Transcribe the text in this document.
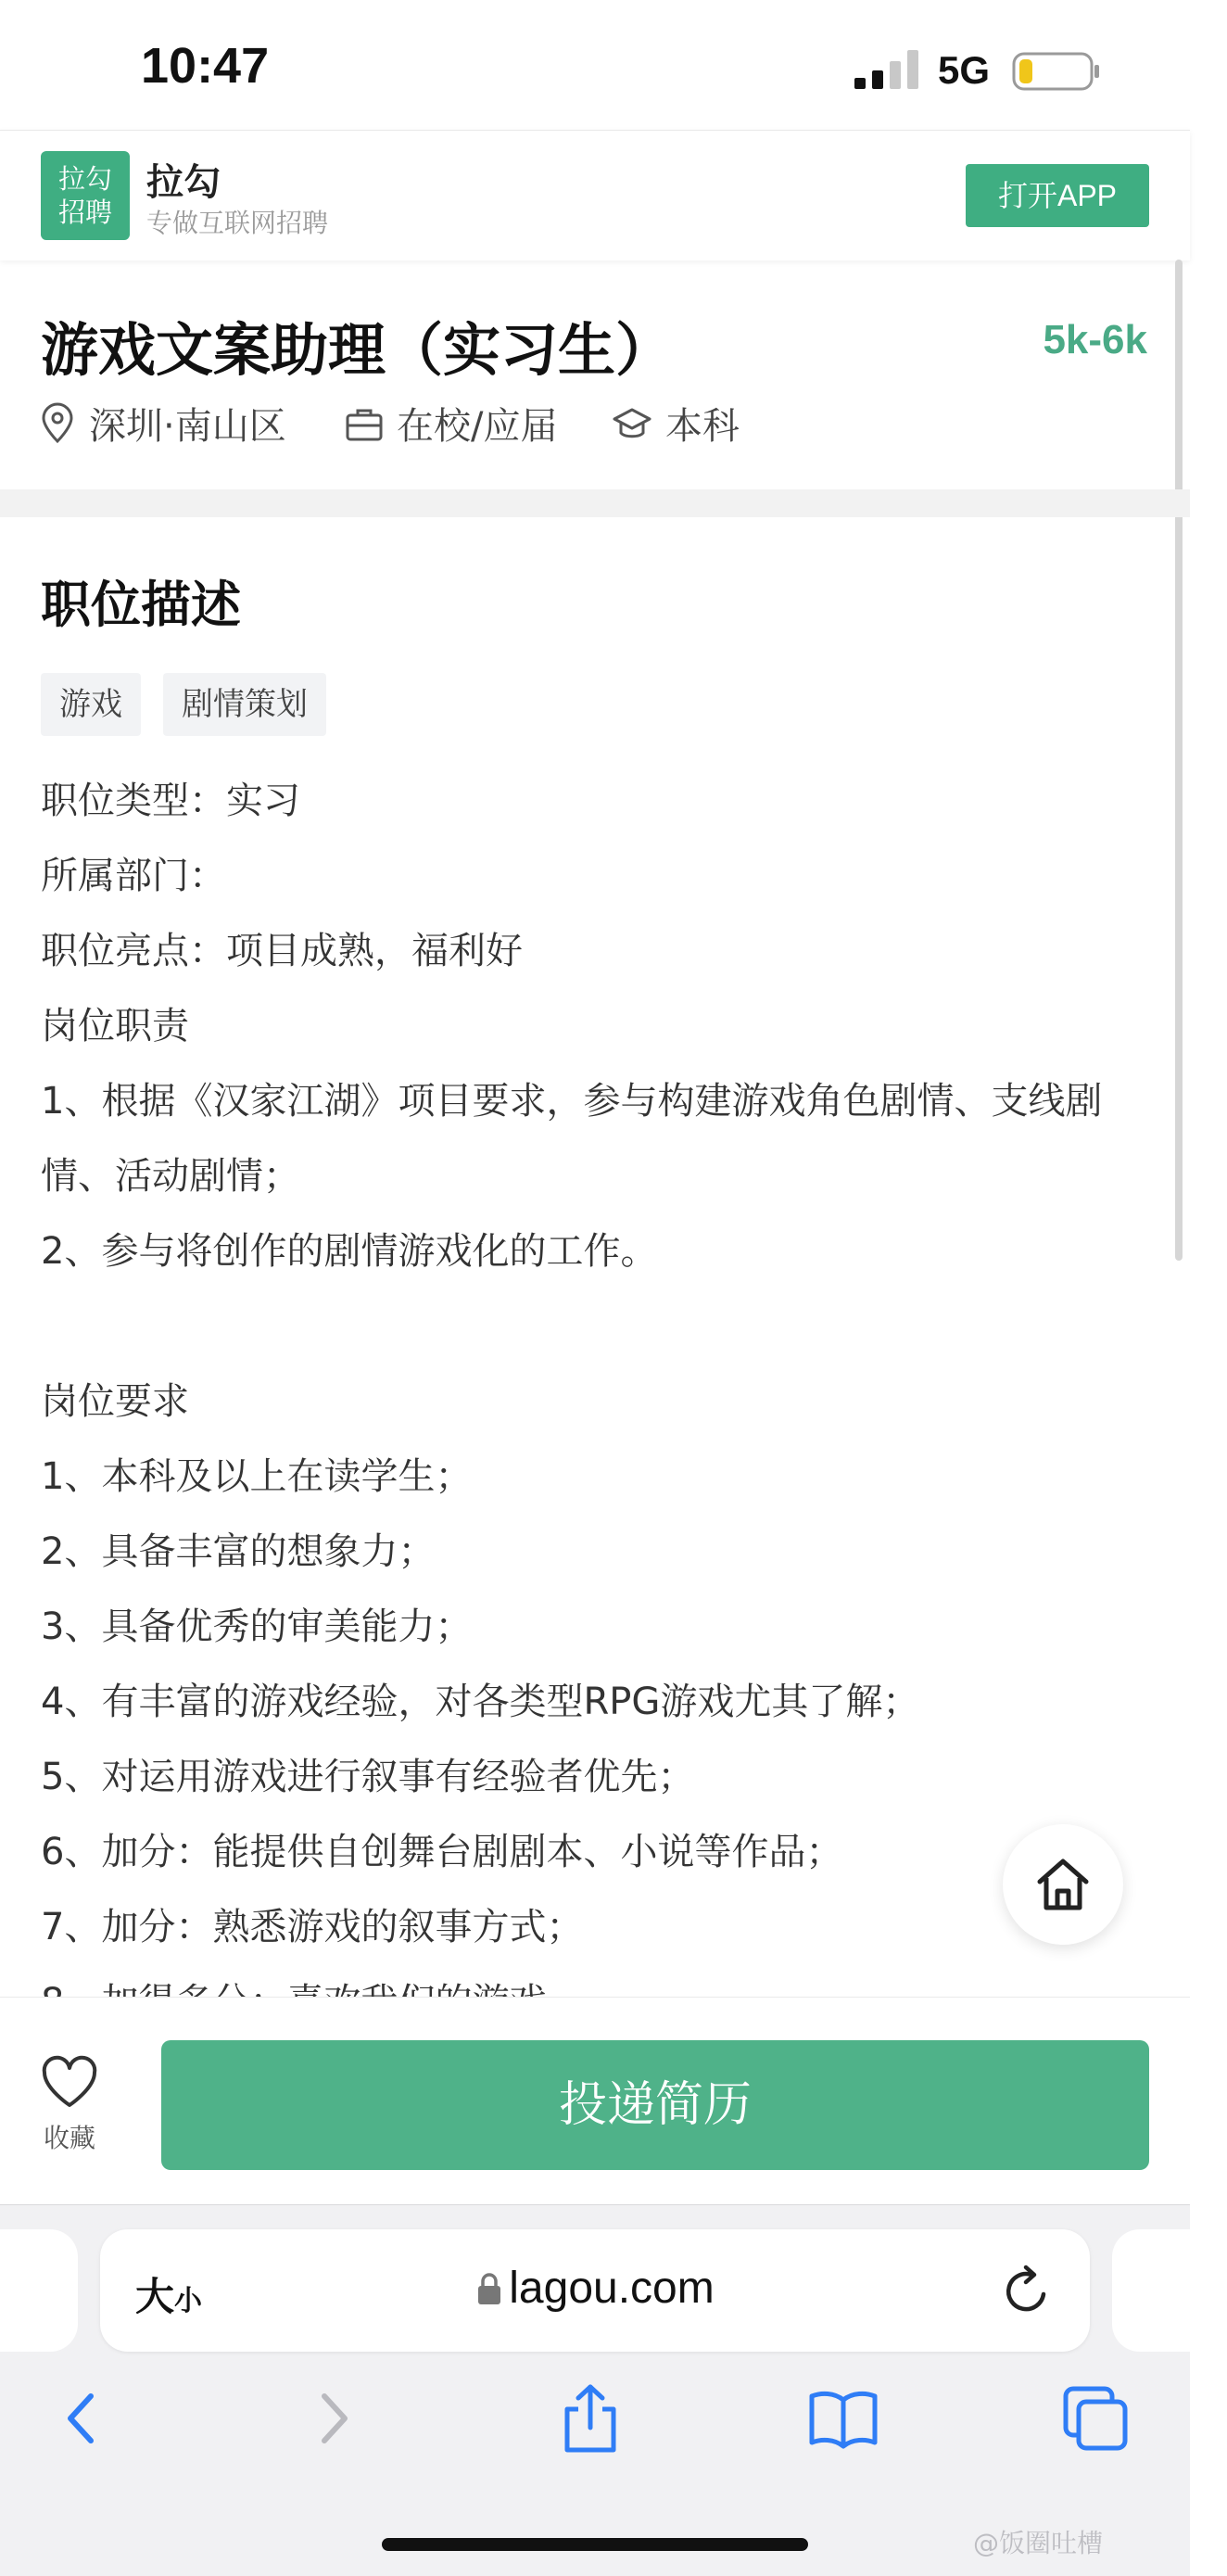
10:47	5G
拉勾
招聘
拉勾
专做互联网招聘
打开APP
游戏文案助理（实习生）	5k-6k
深圳·南山区	在校/应届	本科
职位描述
游戏	剧情策划
职位类型：实习
所属部门：
职位亮点：项目成熟，福利好
岗位职责
1、根据《汉家江湖》项目要求，参与构建游戏角色剧情、支线剧情、活动剧情；
2、参与将创作的剧情游戏化的工作。
岗位要求
1、本科及以上在读学生；
2、具备丰富的想象力；
3、具备优秀的审美能力；
4、有丰富的游戏经验，对各类型RPG游戏尤其了解；
5、对运用游戏进行叙事有经验者优先；
6、加分：能提供自创舞台剧剧本、小说等作品；
7、加分：熟悉游戏的叙事方式；
收藏
投递简历
大小	lagou.com
@饭圈吐槽
